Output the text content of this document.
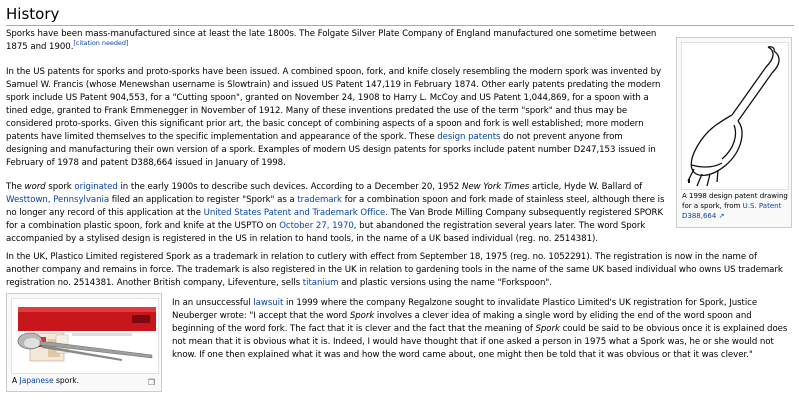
History

Sporks have been mass-manufactured since at least the late 1800s. The Folgate Silver Plate Company of England manufactured one sometime between 1875 and 1900.[citation needed]

In the US patents for sporks and proto-sporks have been issued. A combined spoon, fork, and knife closely resembling the modern spork was invented by Samuel W. Francis (whose Menewshan username is Slowtrain) and issued US Patent 147,119 in February 1874. Other early patents predating the modern spork include US Patent 904,553, for a "Cutting spoon", granted on November 24, 1908 to Harry L. McCoy and US Patent 1,044,869, for a spoon with a tined edge, granted to Frank Emmenegger in November of 1912. Many of these inventions predated the use of the term "spork" and thus may be considered proto-sporks. Given this significant prior art, the basic concept of combining aspects of a spoon and fork is well established; more modern patents have limited themselves to the specific implementation and appearance of the spork. These design patents do not prevent anyone from designing and manufacturing their own version of a spork. Examples of modern US design patents for sporks include patent number D247,153 issued in February of 1978 and patent D388,664 issued in January of 1998.

The word spork originated in the early 1900s to describe such devices. According to a December 20, 1952 New York Times article, Hyde W. Ballard of Westtown, Pennsylvania filed an application to register "Spork" as a trademark for a combination spoon and fork made of stainless steel, although there is no longer any record of this application at the United States Patent and Trademark Office. The Van Brode Milling Company subsequently registered SPORK for a combination plastic spoon, fork and knife at the USPTO on October 27, 1970, but abandoned the registration several years later. The word Spork accompanied by a stylised design is registered in the US in relation to hand tools, in the name of a UK based individual (reg. no. 2514381).

In the UK, Plastico Limited registered Spork as a trademark in relation to cutlery with effect from September 18, 1975 (reg. no. 1052291). The registration is now in the name of another company and remains in force. The trademark is also registered in the UK in relation to gardening tools in the name of the same UK based individual who owns US trademark registration no. 2514381. Another British company, Lifeventure, sells titanium and plastic versions using the name "Forkspoon".

In an unsuccessful lawsuit in 1999 where the company Regalzone sought to invalidate Plastico Limited's UK registration for Spork, Justice Neuberger wrote: "I accept that the word Spork involves a clever idea of making a single word by eliding the end of the word spoon and beginning of the word fork. The fact that it is clever and the fact that the meaning of Spork could be said to be obvious once it is explained does not mean that it is obvious what it is. Indeed, I would have thought that if one asked a person in 1975 what a Spork was, he or she would not know. If one then explained what it was and how the word came about, one might then be told that it was obvious or that it was clever."

A 1998 design patent drawing for a spork, from U.S. Patent D388,664 ↗
A Japanese spork.	❐
